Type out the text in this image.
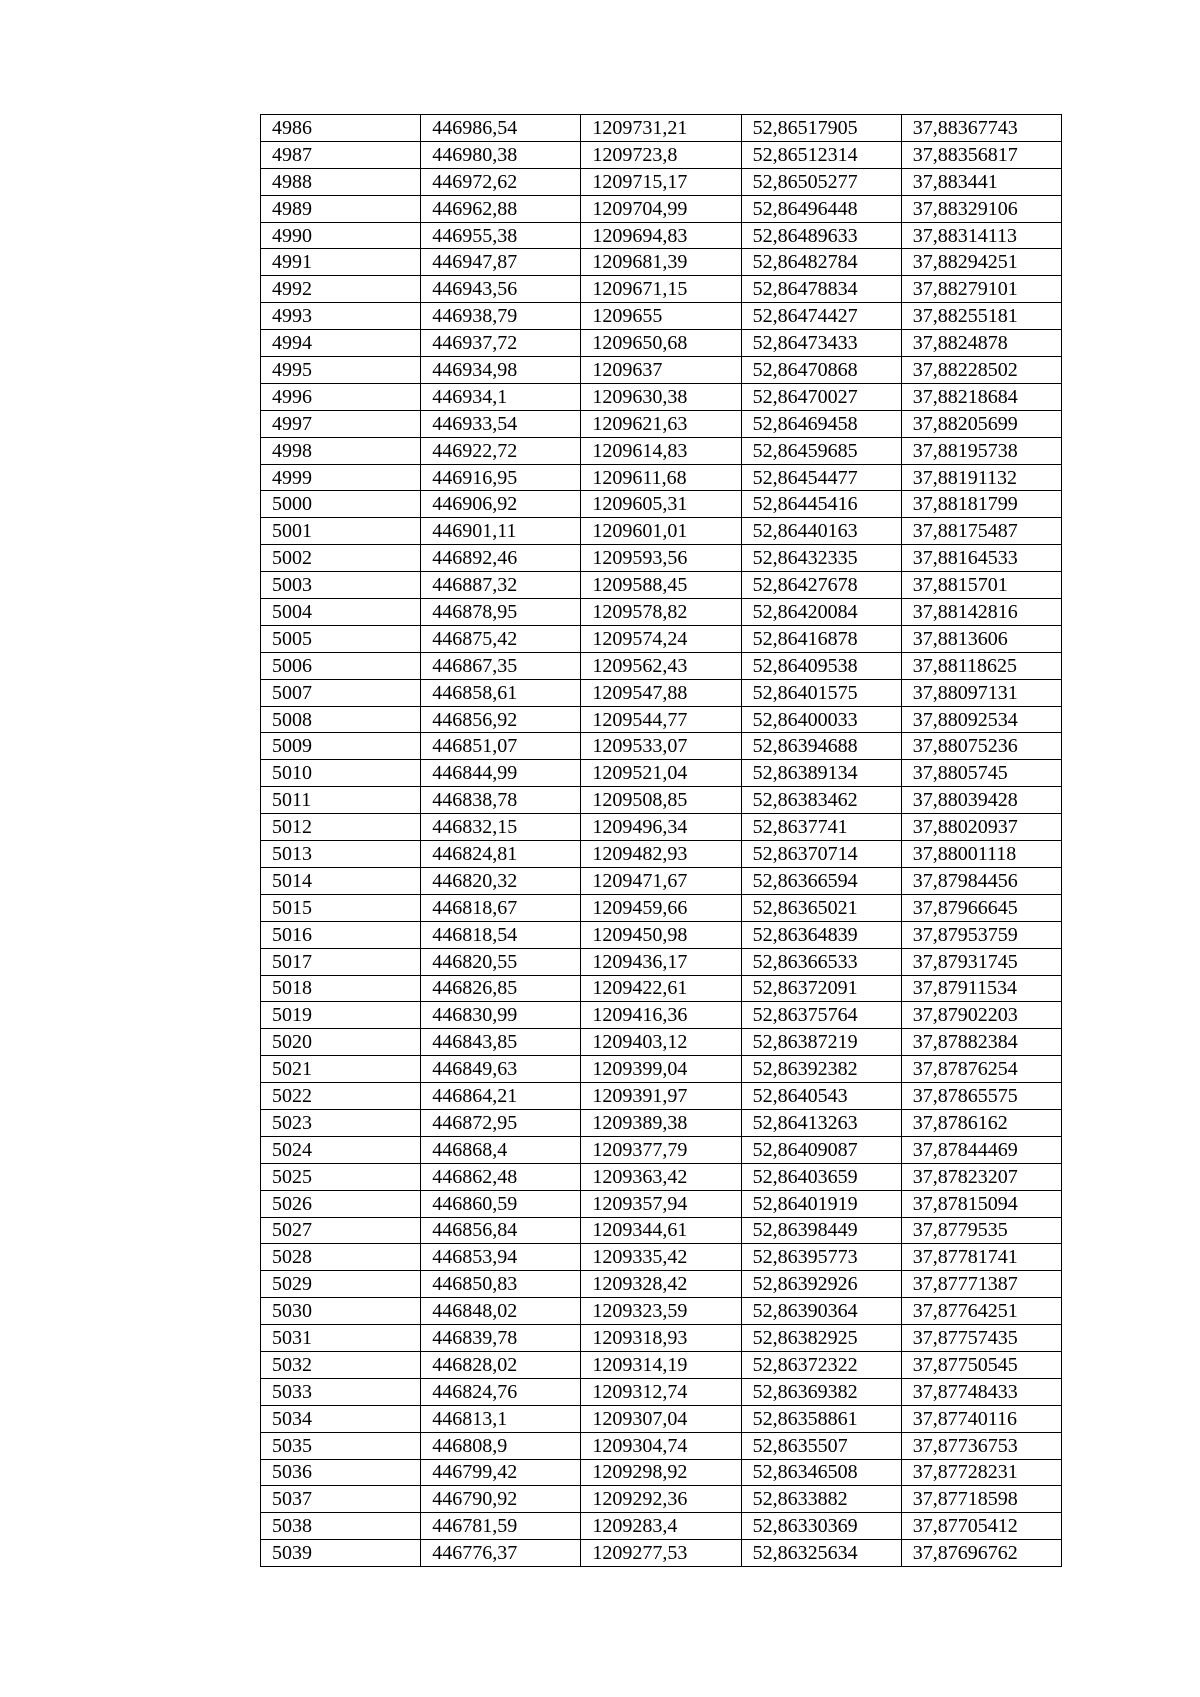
4986	446986,54	1209731,21	52,86517905	37,88367743
4987	446980,38	1209723,8	52,86512314	37,88356817
4988	446972,62	1209715,17	52,86505277	37,883441
4989	446962,88	1209704,99	52,86496448	37,88329106
4990	446955,38	1209694,83	52,86489633	37,88314113
4991	446947,87	1209681,39	52,86482784	37,88294251
4992	446943,56	1209671,15	52,86478834	37,88279101
4993	446938,79	1209655	52,86474427	37,88255181
4994	446937,72	1209650,68	52,86473433	37,8824878
4995	446934,98	1209637	52,86470868	37,88228502
4996	446934,1	1209630,38	52,86470027	37,88218684
4997	446933,54	1209621,63	52,86469458	37,88205699
4998	446922,72	1209614,83	52,86459685	37,88195738
4999	446916,95	1209611,68	52,86454477	37,88191132
5000	446906,92	1209605,31	52,86445416	37,88181799
5001	446901,11	1209601,01	52,86440163	37,88175487
5002	446892,46	1209593,56	52,86432335	37,88164533
5003	446887,32	1209588,45	52,86427678	37,8815701
5004	446878,95	1209578,82	52,86420084	37,88142816
5005	446875,42	1209574,24	52,86416878	37,8813606
5006	446867,35	1209562,43	52,86409538	37,88118625
5007	446858,61	1209547,88	52,86401575	37,88097131
5008	446856,92	1209544,77	52,86400033	37,88092534
5009	446851,07	1209533,07	52,86394688	37,88075236
5010	446844,99	1209521,04	52,86389134	37,8805745
5011	446838,78	1209508,85	52,86383462	37,88039428
5012	446832,15	1209496,34	52,8637741	37,88020937
5013	446824,81	1209482,93	52,86370714	37,88001118
5014	446820,32	1209471,67	52,86366594	37,87984456
5015	446818,67	1209459,66	52,86365021	37,87966645
5016	446818,54	1209450,98	52,86364839	37,87953759
5017	446820,55	1209436,17	52,86366533	37,87931745
5018	446826,85	1209422,61	52,86372091	37,87911534
5019	446830,99	1209416,36	52,86375764	37,87902203
5020	446843,85	1209403,12	52,86387219	37,87882384
5021	446849,63	1209399,04	52,86392382	37,87876254
5022	446864,21	1209391,97	52,8640543	37,87865575
5023	446872,95	1209389,38	52,86413263	37,8786162
5024	446868,4	1209377,79	52,86409087	37,87844469
5025	446862,48	1209363,42	52,86403659	37,87823207
5026	446860,59	1209357,94	52,86401919	37,87815094
5027	446856,84	1209344,61	52,86398449	37,8779535
5028	446853,94	1209335,42	52,86395773	37,87781741
5029	446850,83	1209328,42	52,86392926	37,87771387
5030	446848,02	1209323,59	52,86390364	37,87764251
5031	446839,78	1209318,93	52,86382925	37,87757435
5032	446828,02	1209314,19	52,86372322	37,87750545
5033	446824,76	1209312,74	52,86369382	37,87748433
5034	446813,1	1209307,04	52,86358861	37,87740116
5035	446808,9	1209304,74	52,8635507	37,87736753
5036	446799,42	1209298,92	52,86346508	37,87728231
5037	446790,92	1209292,36	52,8633882	37,87718598
5038	446781,59	1209283,4	52,86330369	37,87705412
5039	446776,37	1209277,53	52,86325634	37,87696762
